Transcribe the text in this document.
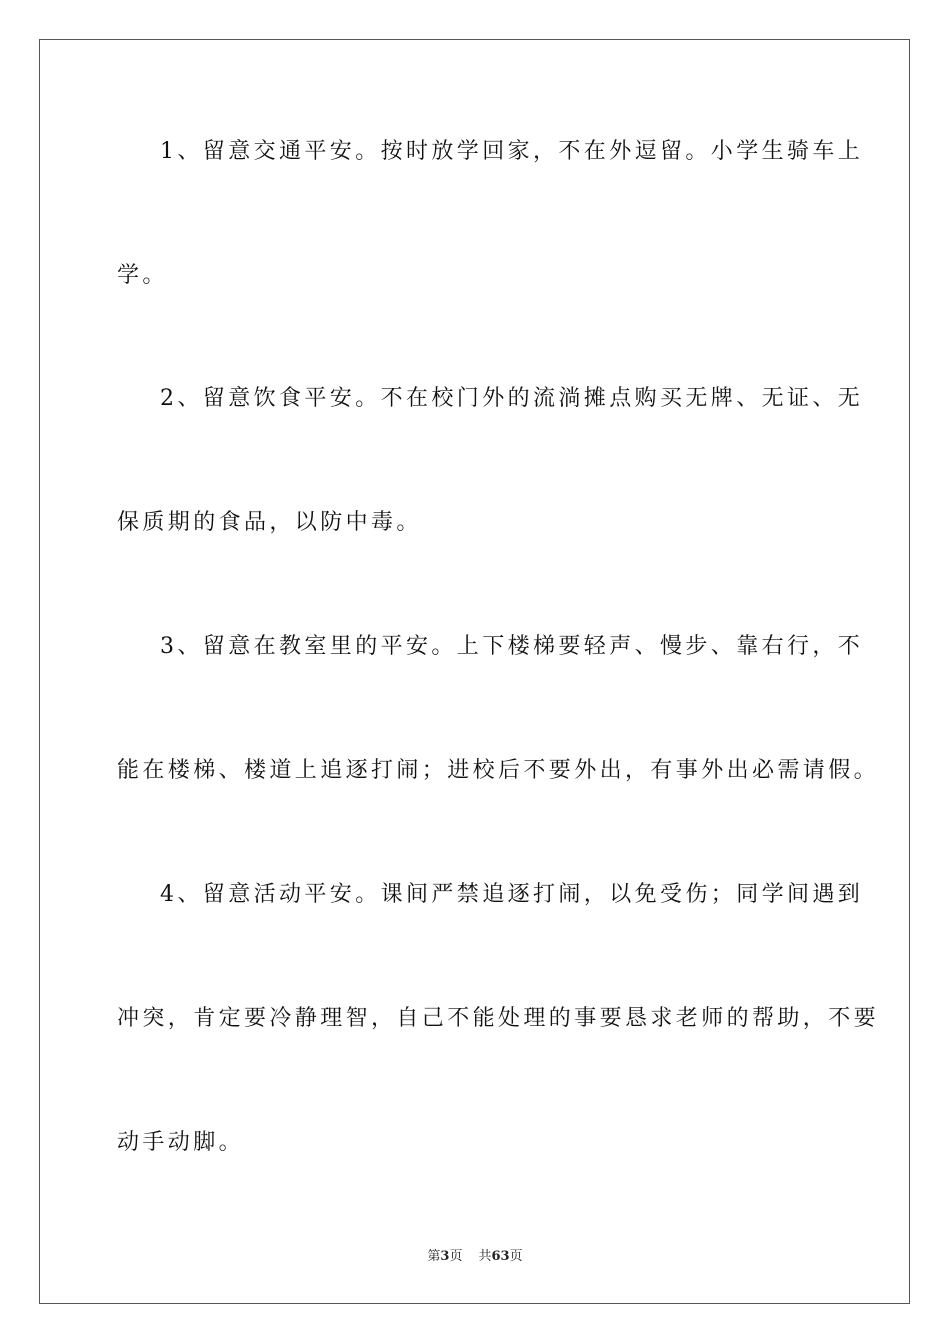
1、留意交通平安。按时放学回家，不在外逗留。小学生骑车上
学。
2、留意饮食平安。不在校门外的流淌摊点购买无牌、无证、无
保质期的食品，以防中毒。
3、留意在教室里的平安。上下楼梯要轻声、慢步、靠右行，不
能在楼梯、楼道上追逐打闹；进校后不要外出，有事外出必需请假。
4、留意活动平安。课间严禁追逐打闹，以免受伤；同学间遇到
冲突，肯定要冷静理智，自己不能处理的事要恳求老师的帮助，不要
动手动脚。
第3页 共63页
